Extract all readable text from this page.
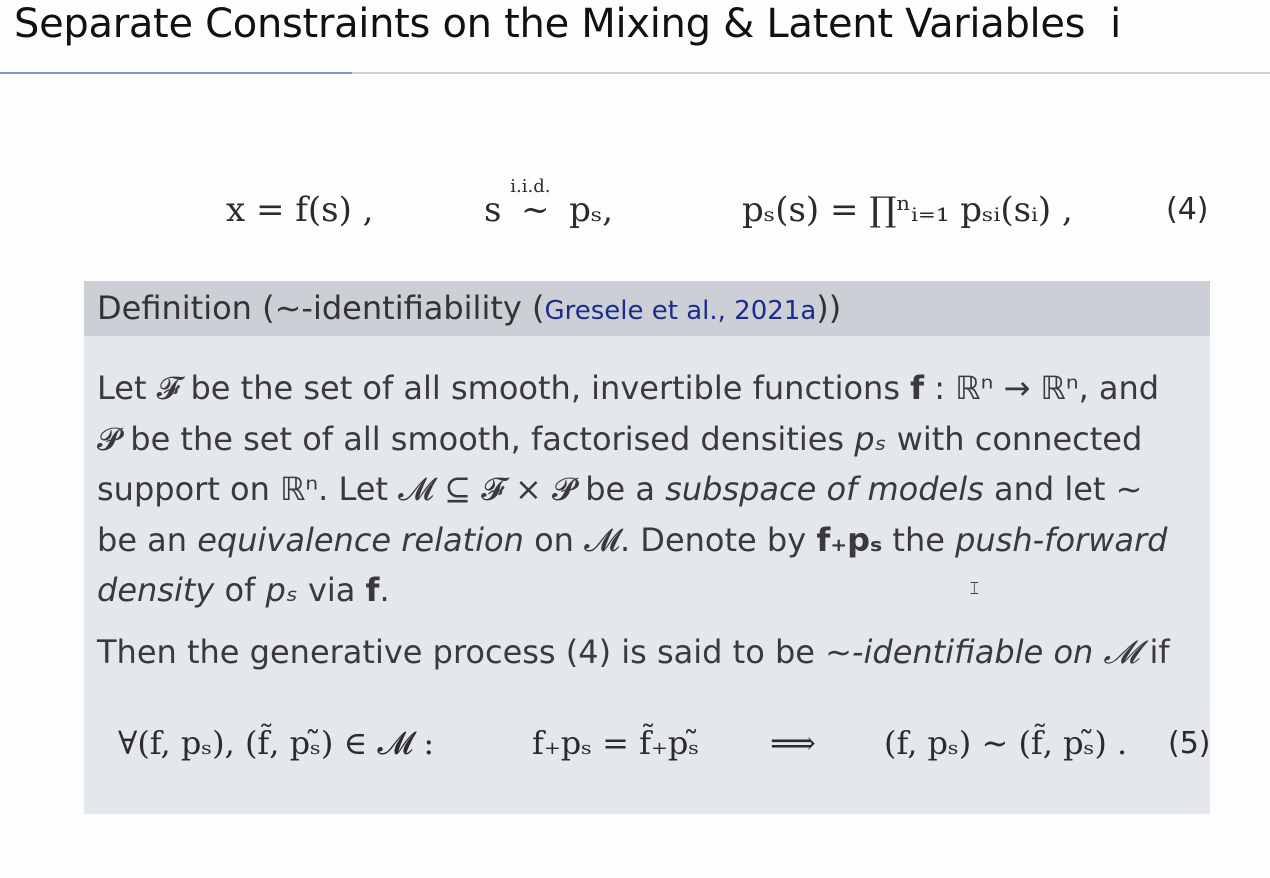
Separate Constraints on the Mixing & Latent Variables i
x = f(s) ,	s
i.i.d.
~ pₛ,	pₛ(s) = ∏ⁿᵢ₌₁ pₛᵢ(sᵢ) ,	(4)
Definition (∼-identifiability (Gresele et al., 2021a))
Let 𝓕 be the set of all smooth, invertible functions f : ℝⁿ → ℝⁿ, and
𝓟 be the set of all smooth, factorised densities pₛ with connected
support on ℝⁿ. Let 𝓜 ⊆ 𝓕 × 𝓟 be a subspace of models and let ∼
be an equivalence relation on 𝓜. Denote by f₊pₛ the push-forward
density of pₛ via f.
Then the generative process (4) is said to be ∼-identifiable on 𝓜 if
∀(f, pₛ), (f̃, pₛ̃) ∈ 𝓜 :	f₊pₛ = f̃₊pₛ̃ ⟹ (f, pₛ) ∼ (f̃, pₛ̃) . (5)
𝙸
